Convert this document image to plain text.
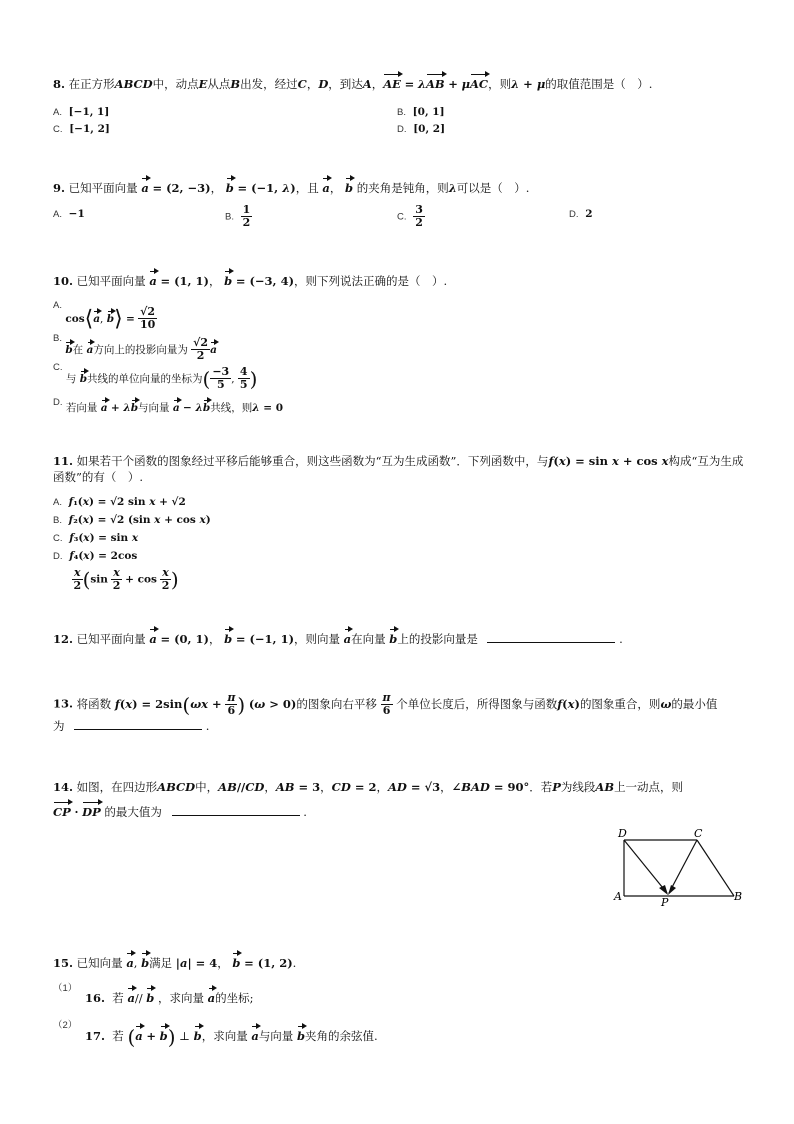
8. 在正方形ABCD中，动点E从点B出发，经过C，D，到达A，AE = λAB + μAC，则λ + μ的取值范围是（　）.
A. [−1, 1]	B. [0, 1]
C. [−1, 2]	D. [0, 2]
9. 已知平面向量 a = (2, −3)， b = (−1, λ)，且 a， b 的夹角是钝角，则λ可以是（　）.
A. −1	B. $\frac{1}{2}$	C. $\frac{3}{2}$	D. 2
10. 已知平面向量 a = (1, 1)， b = (−3, 4)，则下列说法正确的是（　）.
A. cos⟨a, b⟩ = $\frac{√2}{10}$
B. b在 a方向上的投影向量为 $\frac{√2}{2}$ a
C. 与 b共线的单位向量的坐标为( $\frac{-3}{5}$ , $\frac{4}{5}$ )
D. 若向量 a + λb与向量 a − λb共线，则λ = 0
11. 如果若干个函数的图象经过平移后能够重合，则这些函数为“互为生成函数”．下列函数中，与f(x) = sin x + cos x构成“互为生成函数”的有（　）.
A. f₁(x) = √2 sin x + √2
B. f₂(x) = √2 (sin x + cos x)
C. f₃(x) = sin x
D. f₄(x) = 2cos
$\frac{x}{2} (\sin \frac{x}{2} + \cos \frac{x}{2}$ )
12. 已知平面向量 a = (0, 1)， b = (−1, 1)，则向量 a在向量 b上的投影向量是	.
13. 将函数 $f(x) = 2\sin(\omega x + \frac{\pi}{6}$ ) (ω > 0)的图象向右平移 $\frac{\pi}{6}$ 个单位长度后，所得图象与函数f(x)的图象重合，则ω的最小值
为	.
14. 如图，在四边形ABCD中，AB//CD，AB = 3，CD = 2，AD = √3，∠BAD = 90°．若P为线段AB上一动点，则
CP · DP 的最大值为	.
D	C
A	P	B
15. 已知向量 a, b满足 |a| = 4， b = (1, 2).
$^{(1)}$ 16.  若 a// b ，求向量 a的坐标;
$^{(2)}$ 17.  若 (a + b) ⊥ b，求向量 a与向量 b夹角的余弦值.
